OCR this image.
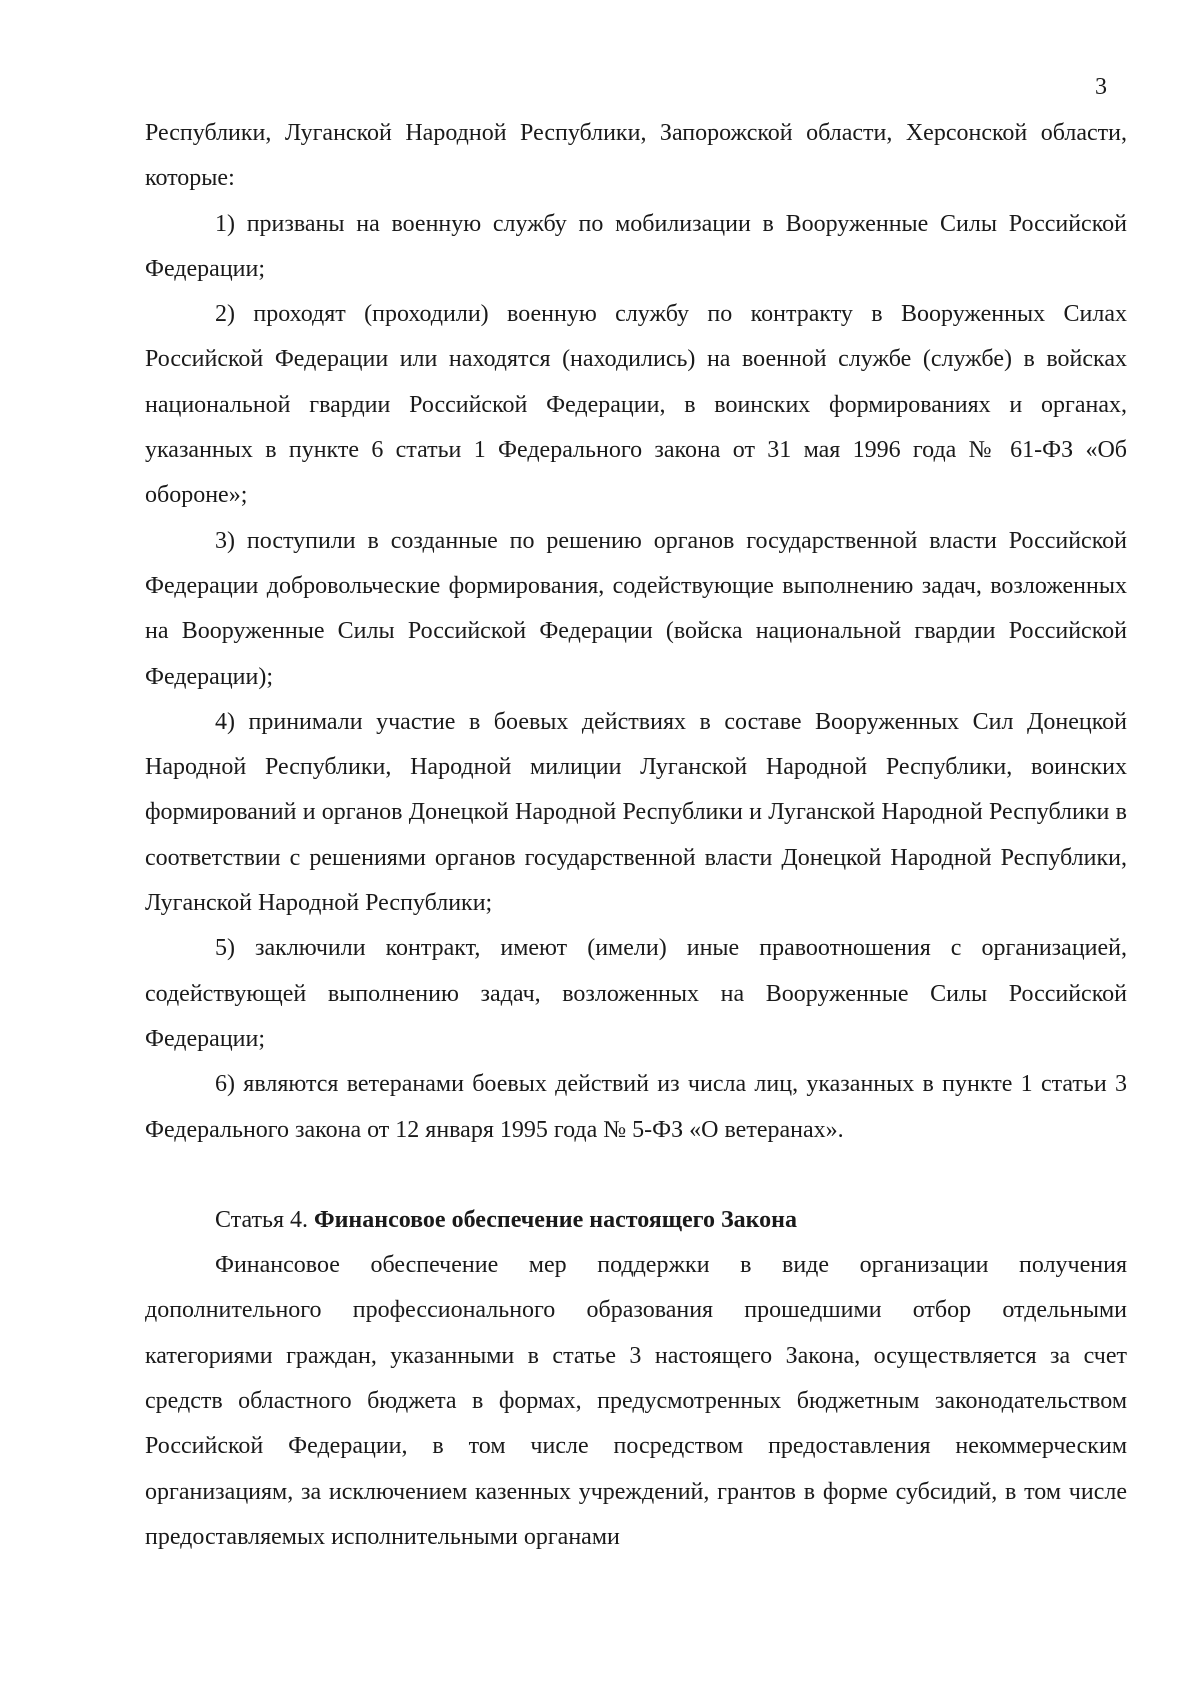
3

Республики, Луганской Народной Республики, Запорожской области, Херсонской области, которые:

1) призваны на военную службу по мобилизации в Вооруженные Силы Российской Федерации;

2) проходят (проходили) военную службу по контракту в Вооруженных Силах Российской Федерации или находятся (находились) на военной службе (службе) в войсках национальной гвардии Российской Федерации, в воинских формированиях и органах, указанных в пункте 6 статьи 1 Федерального закона от 31 мая 1996 года № 61-ФЗ «Об обороне»;

3) поступили в созданные по решению органов государственной власти Российской Федерации добровольческие формирования, содействующие выполнению задач, возложенных на Вооруженные Силы Российской Федерации (войска национальной гвардии Российской Федерации);

4) принимали участие в боевых действиях в составе Вооруженных Сил Донецкой Народной Республики, Народной милиции Луганской Народной Республики, воинских формирований и органов Донецкой Народной Республики и Луганской Народной Республики в соответствии с решениями органов государственной власти Донецкой Народной Республики, Луганской Народной Республики;

5) заключили контракт, имеют (имели) иные правоотношения с организацией, содействующей выполнению задач, возложенных на Вооруженные Силы Российской Федерации;

6) являются ветеранами боевых действий из числа лиц, указанных в пункте 1 статьи 3 Федерального закона от 12 января 1995 года № 5-ФЗ «О ветеранах».

Статья 4. Финансовое обеспечение настоящего Закона

Финансовое обеспечение мер поддержки в виде организации получения дополнительного профессионального образования прошедшими отбор отдельными категориями граждан, указанными в статье 3 настоящего Закона, осуществляется за счет средств областного бюджета в формах, предусмотренных бюджетным законодательством Российской Федерации, в том числе посредством предоставления некоммерческим организациям, за исключением казенных учреждений, грантов в форме субсидий, в том числе предоставляемых исполнительными органами
